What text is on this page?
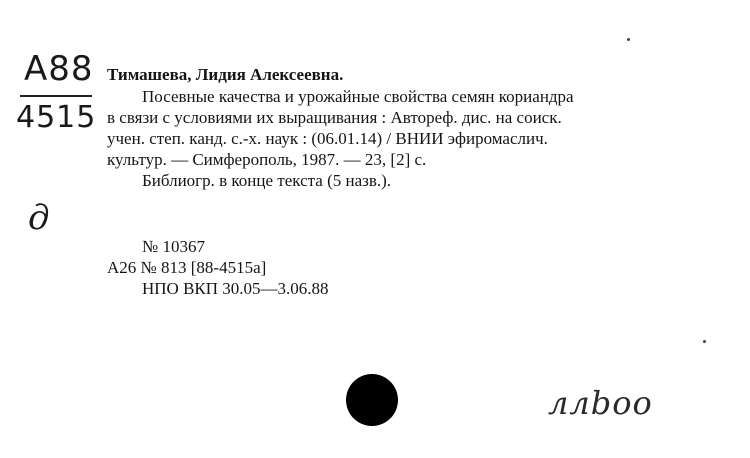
А88
4515
д
Тимашева, Лидия Алексеевна.
Посевные качества и урожайные свойства семян кориандра
в связи с условиями их выращивания : Автореф. дис. на соиск.
учен. степ. канд. с.-х. наук : (06.01.14) / ВНИИ эфиромаслич.
культур. — Симферополь, 1987. — 23, [2] с.
Библиогр. в конце текста (5 назв.).
№ 10367
А26 № 813 [88-4515а]
НПО ВКП 30.05—3.06.88
ллbоо
